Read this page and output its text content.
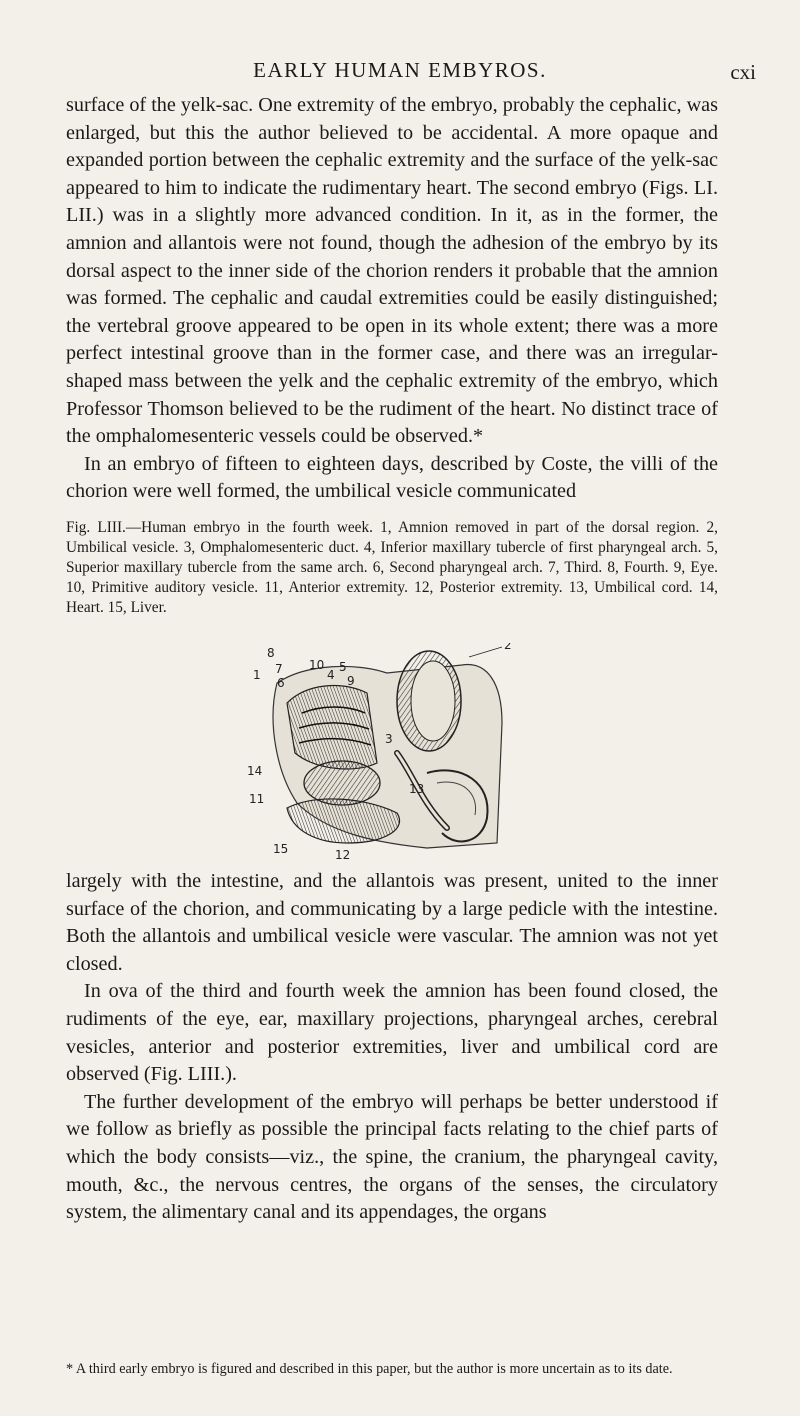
EARLY HUMAN EMBYROS.	cxi

surface of the yelk-sac. One extremity of the embryo, probably the cephalic, was enlarged, but this the author believed to be accidental. A more opaque and expanded portion between the cephalic extremity and the surface of the yelk-sac appeared to him to indicate the rudimentary heart. The second embryo (Figs. LI. LII.) was in a slightly more advanced condition. In it, as in the former, the amnion and allantois were not found, though the adhesion of the embryo by its dorsal aspect to the inner side of the chorion renders it probable that the amnion was formed. The cephalic and caudal extremities could be easily distinguished; the vertebral groove appeared to be open in its whole extent; there was a more perfect intestinal groove than in the former case, and there was an irregular-shaped mass between the yelk and the cephalic extremity of the embryo, which Professor Thomson believed to be the rudiment of the heart. No distinct trace of the omphalomesenteric vessels could be observed.*

In an embryo of fifteen to eighteen days, described by Coste, the villi of the chorion were well formed, the umbilical vesicle communicated

Fig. LIII.—Human embryo in the fourth week. 1, Amnion removed in part of the dorsal region. 2, Umbilical vesicle. 3, Omphalomesenteric duct. 4, Inferior maxillary tubercle of first pharyngeal arch. 5, Superior maxillary tubercle from the same arch. 6, Second pharyngeal arch. 7, Third. 8, Fourth. 9, Eye. 10, Primitive auditory vesicle. 11, Anterior extremity. 12, Posterior extremity. 13, Umbilical cord. 14, Heart. 15, Liver.
8
7
1
6
10
4
5
9
2
3
13
14
11
15	12

largely with the intestine, and the allantois was present, united to the inner surface of the chorion, and communicating by a large pedicle with the intestine. Both the allantois and umbilical vesicle were vascular. The amnion was not yet closed.

In ova of the third and fourth week the amnion has been found closed, the rudiments of the eye, ear, maxillary projections, pharyngeal arches, cerebral vesicles, anterior and posterior extremities, liver and umbilical cord are observed (Fig. LIII.).

The further development of the embryo will perhaps be better understood if we follow as briefly as possible the principal facts relating to the chief parts of which the body consists—viz., the spine, the cranium, the pharyngeal cavity, mouth, &c., the nervous centres, the organs of the senses, the circulatory system, the alimentary canal and its appendages, the organs

* A third early embryo is figured and described in this paper, but the author is more uncertain as to its date.
